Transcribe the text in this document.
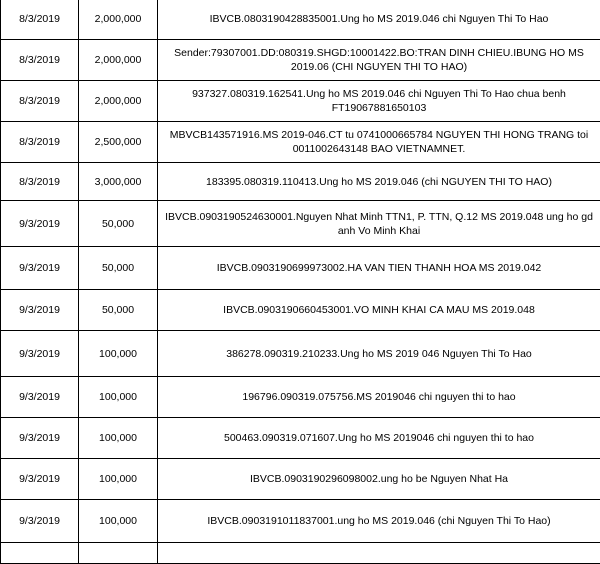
8/3/2019	2,000,000	IBVCB.0803190428835001.Ung ho MS 2019.046 chi Nguyen Thi To Hao
8/3/2019	2,000,000	Sender:79307001.DD:080319.SHGD:10001422.BO:TRAN DINH CHIEU.IBUNG HO MS 2019.06 (CHI NGUYEN THI TO HAO)
8/3/2019	2,000,000	937327.080319.162541.Ung ho MS 2019.046 chi Nguyen Thi To Hao chua benh FT19067881650103
8/3/2019	2,500,000	MBVCB143571916.MS 2019-046.CT tu 0741000665784 NGUYEN THI HONG TRANG toi 0011002643148 BAO VIETNAMNET.
8/3/2019	3,000,000	183395.080319.110413.Ung ho MS 2019.046 (chi NGUYEN THI TO HAO)
9/3/2019	50,000	IBVCB.0903190524630001.Nguyen Nhat Minh TTN1, P. TTN, Q.12 MS 2019.048 ung ho gd anh Vo Minh Khai
9/3/2019	50,000	IBVCB.0903190699973002.HA VAN TIEN THANH HOA MS 2019.042
9/3/2019	50,000	IBVCB.0903190660453001.VO MINH KHAI CA MAU MS 2019.048
9/3/2019	100,000	386278.090319.210233.Ung ho MS 2019 046 Nguyen Thi To Hao
9/3/2019	100,000	196796.090319.075756.MS 2019046 chi nguyen thi to hao
9/3/2019	100,000	500463.090319.071607.Ung ho MS 2019046 chi nguyen thi to hao
9/3/2019	100,000	IBVCB.0903190296098002.ung ho be Nguyen Nhat Ha
9/3/2019	100,000	IBVCB.0903191011837001.ung ho MS 2019.046 (chi Nguyen Thi To Hao)
